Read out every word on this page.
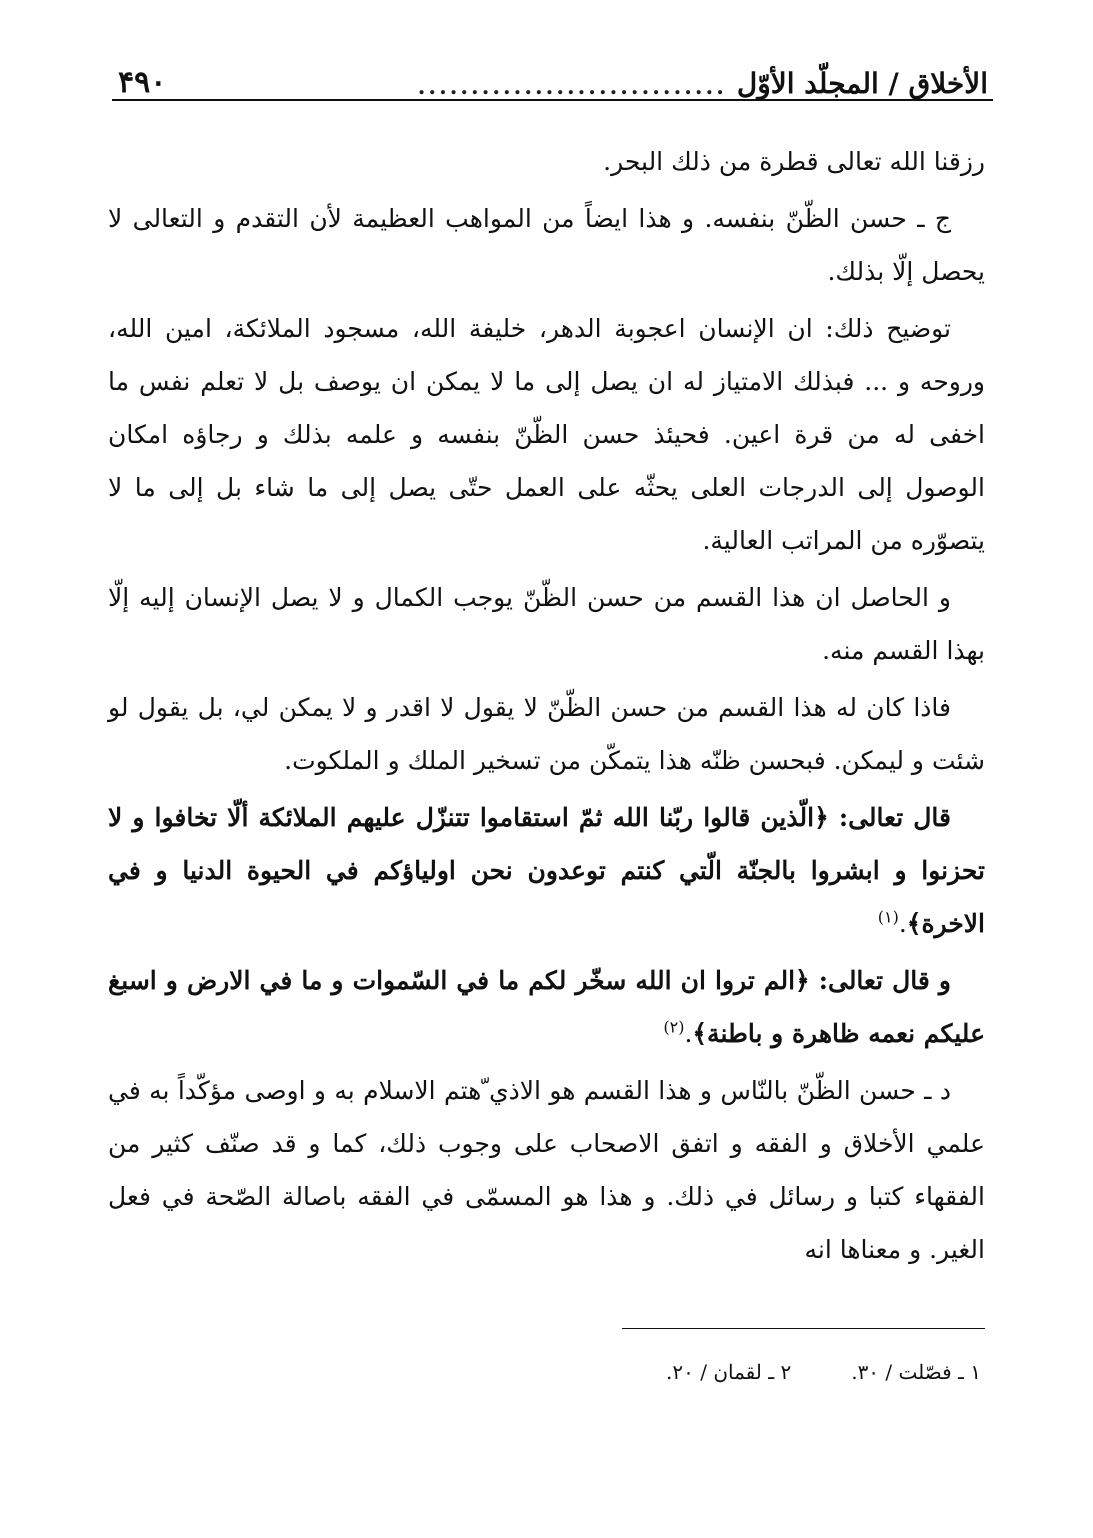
۴۹۰	الأخلاق / المجلّد الأوّل
.............................

رزقنا الله تعالى قطرة من ذلك البحر.

ج ـ حسن الظّنّ بنفسه. و هذا ايضاً من المواهب العظيمة لأن التقدم و التعالى لا يحصل إلّا بذلك.

توضيح ذلك: ان الإنسان اعجوبة الدهر، خليفة الله، مسجود الملائكة، امين الله، وروحه و ... فبذلك الامتياز له ان يصل إلى ما لا يمكن ان يوصف بل لا تعلم نفس ما اخفى له من قرة اعين. فحيئذ حسن الظّنّ بنفسه و علمه بذلك و رجاؤه امكان الوصول إلى الدرجات العلى يحثّه على العمل حتّى يصل إلى ما شاء بل إلى ما لا يتصوّره من المراتب العالية.

و الحاصل ان هذا القسم من حسن الظّنّ يوجب الكمال و لا يصل الإنسان إليه إلّا بهذا القسم منه.

فاذا كان له هذا القسم من حسن الظّنّ لا يقول لا اقدر و لا يمكن لي، بل يقول لو شئت و ليمكن. فبحسن ظنّه هذا يتمكّن من تسخير الملك و الملكوت.

قال تعالى: ﴿الّذين قالوا ربّنا الله ثمّ استقاموا تتنزّل عليهم الملائكة ألّا تخافوا و لا تحزنوا و ابشروا بالجنّة الّتي كنتم توعدون نحن اولياؤكم في الحيوة الدنيا و في الاخرة﴾.$^{(۱)}$

و قال تعالى: ﴿الم تروا ان الله سخّر لكم ما في السّموات و ما في الارض و اسبغ عليكم نعمه ظاهرة و باطنة﴾.$^{(۲)}$

د ـ حسن الظّنّ بالنّاس و هذا القسم هو الاذي ّهتم الاسلام به و اوصى مؤكّداً به في علمي الأخلاق و الفقه و اتفق الاصحاب على وجوب ذلك، كما و قد صنّف كثير من الفقهاء كتبا و رسائل في ذلك. و هذا هو المسمّى في الفقه باصالة الصّحة في فعل الغير. و معناها انه

۱ ـ فصّلت / ۳۰.
۲ ـ لقمان / ۲۰.
